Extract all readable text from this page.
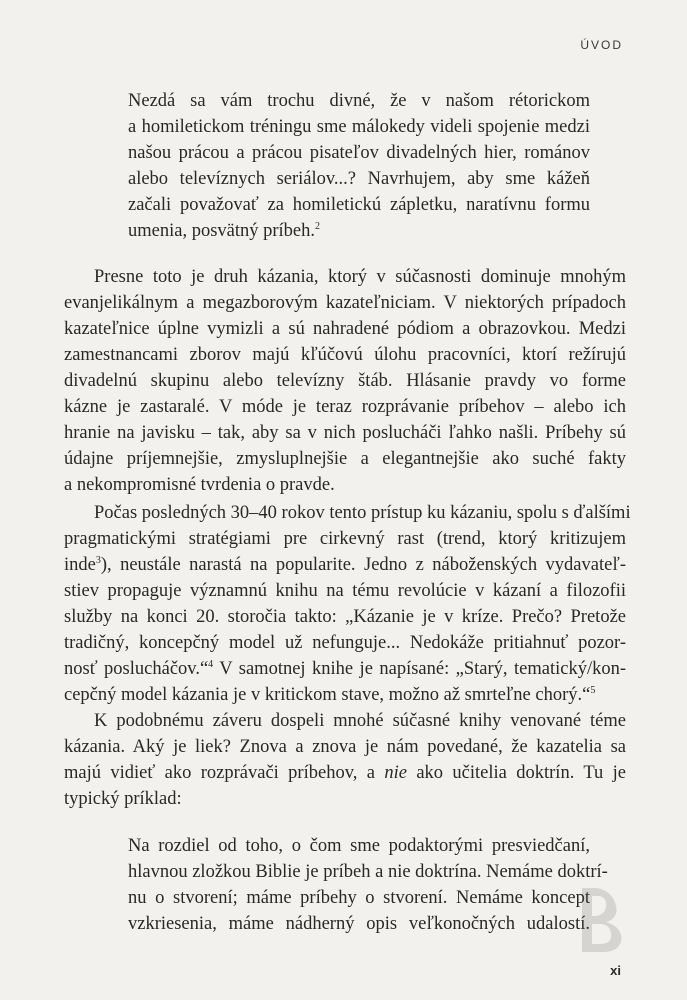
ÚVOD
Nezdá sa vám trochu divné, že v našom rétorickom
a homiletickom tréningu sme málokedy videli spojenie medzi
našou prácou a prácou pisateľov divadelných hier, románov
alebo televíznych seriálov...? Navrhujem, aby sme kážeň
začali považovať za homiletickú zápletku, naratívnu formu
umenia, posvätný príbeh.$^2$
Presne toto je druh kázania, ktorý v súčasnosti dominuje mnohým
evanjelikálnym a megazborovým kazateľniciam. V niektorých prípadoch
kazateľnice úplne vymizli a sú nahradené pódiom a obrazovkou. Medzi
zamestnancami zborov majú kľúčovú úlohu pracovníci, ktorí režírujú
divadelnú skupinu alebo televízny štáb. Hlásanie pravdy vo forme
kázne je zastaralé. V móde je teraz rozprávanie príbehov – alebo ich
hranie na javisku – tak, aby sa v nich poslucháči ľahko našli. Príbehy sú
údajne príjemnejšie, zmysluplnejšie a elegantnejšie ako suché fakty
a nekompromisné tvrdenia o pravde.
Počas posledných 30–40 rokov tento prístup ku kázaniu, spolu s ďalšími
pragmatickými stratégiami pre cirkevný rast (trend, ktorý kritizujem
inde$^3$), neustále narastá na popularite. Jedno z náboženských vydavateľ-
stiev propaguje významnú knihu na tému revolúcie v kázaní a filozofii
služby na konci 20. storočia takto: „Kázanie je v kríze. Prečo? Pretože
tradičný, koncepčný model už nefunguje... Nedokáže pritiahnuť pozor-
nosť poslucháčov.“$^4$ V samotnej knihe je napísané: „Starý, tematický/kon-
cepčný model kázania je v kritickom stave, možno až smrteľne chorý.“$^5$
K podobnému záveru dospeli mnohé súčasné knihy venované téme
kázania. Aký je liek? Znova a znova je nám povedané, že kazatelia sa
majú vidieť ako rozprávači príbehov, a nie ako učitelia doktrín. Tu je
typický príklad:
Na rozdiel od toho, o čom sme podaktorými presviedčaní,
hlavnou zložkou Biblie je príbeh a nie doktrína. Nemáme doktrí-
nu o stvorení; máme príbehy o stvorení. Nemáme koncept
vzkriesenia, máme nádherný opis veľkonočných udalostí.
xi
